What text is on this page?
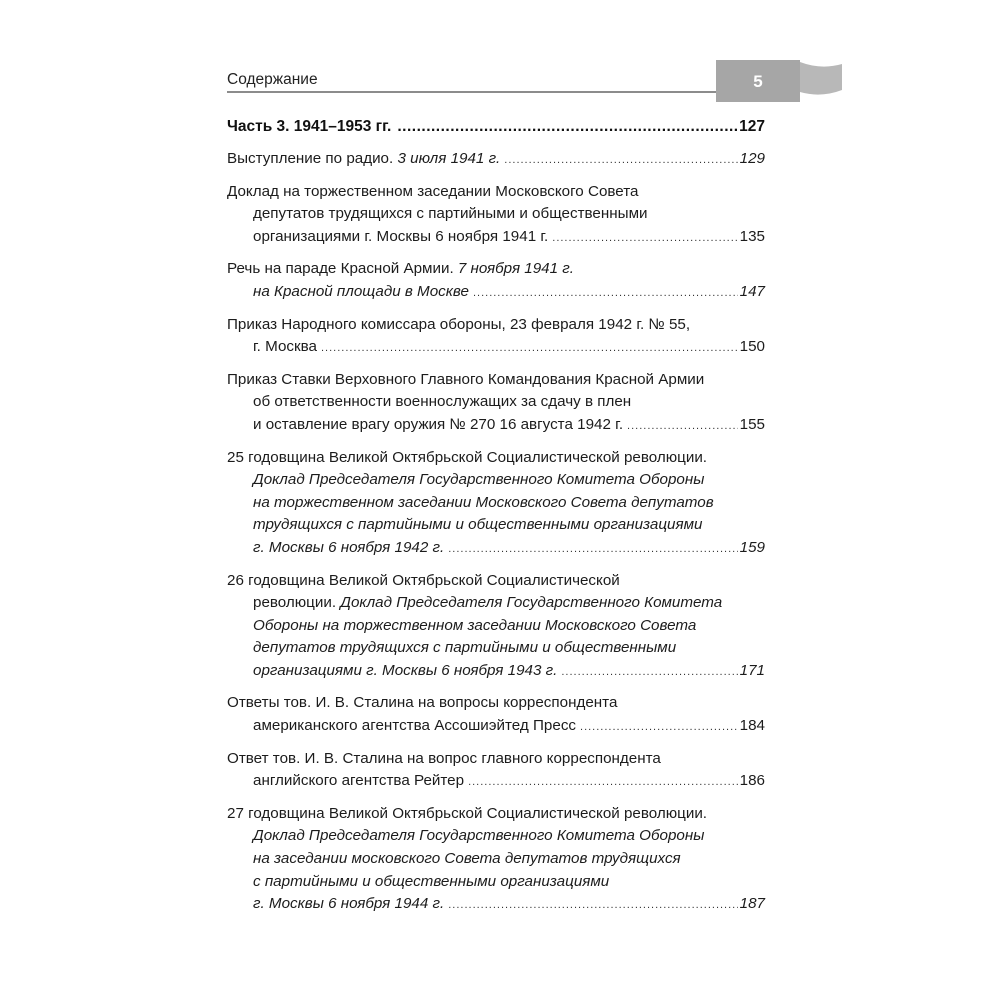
Содержание	5
Часть 3. 1941–1953 гг. .....	127
Выступление по радио. 3 июля 1941 г. .....	129
Доклад на торжественном заседании Московского Совета
депутатов трудящихся с партийными и общественными
организациями г. Москвы 6 ноября 1941 г. .....	135
Речь на параде Красной Армии. 7 ноября 1941 г.
на Красной площади в Москве .....	147
Приказ Народного комиссара обороны, 23 февраля 1942 г. № 55,
г. Москва .....	150
Приказ Ставки Верховного Главного Командования Красной Армии
об ответственности военнослужащих за сдачу в плен
и оставление врагу оружия № 270 16 августа 1942 г. .....	155
25 годовщина Великой Октябрьской Социалистической революции.
Доклад Председателя Государственного Комитета Обороны
на торжественном заседании Московского Совета депутатов
трудящихся с партийными и общественными организациями
г. Москвы 6 ноября 1942 г. .....	159
26 годовщина Великой Октябрьской Социалистической
революции. Доклад Председателя Государственного Комитета
Обороны на торжественном заседании Московского Совета
депутатов трудящихся с партийными и общественными
организациями г. Москвы 6 ноября 1943 г. .....	171
Ответы тов. И. В. Сталина на вопросы корреспондента
американского агентства Ассошиэйтед Пресс .....	184
Ответ тов. И. В. Сталина на вопрос главного корреспондента
английского агентства Рейтер .....	186
27 годовщина Великой Октябрьской Социалистической революции.
Доклад Председателя Государственного Комитета Обороны
на заседании московского Совета депутатов трудящихся
с партийными и общественными организациями
г. Москвы 6 ноября 1944 г. .....	187
